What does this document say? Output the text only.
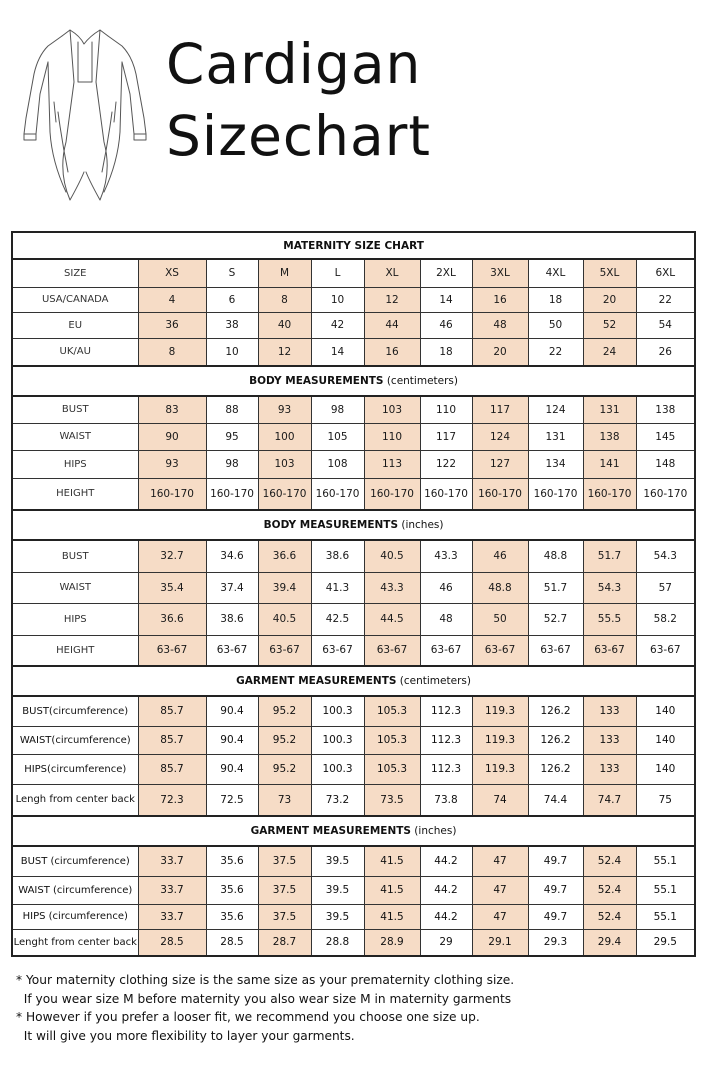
Cardigan
Sizechart
MATERNITY SIZE CHART										
SIZE	XS	S	M	L	XL	2XL	3XL	4XL	5XL	6XL
USA/CANADA	4	6	8	10	12	14	16	18	20	22
EU	36	38	40	42	44	46	48	50	52	54
UK/AU	8	10	12	14	16	18	20	22	24	26
BODY MEASUREMENTS (centimeters)										
BUST	83	88	93	98	103	110	117	124	131	138
WAIST	90	95	100	105	110	117	124	131	138	145
HIPS	93	98	103	108	113	122	127	134	141	148
HEIGHT	160-170	160-170	160-170	160-170	160-170	160-170	160-170	160-170	160-170	160-170
BODY MEASUREMENTS (inches)										
BUST	32.7	34.6	36.6	38.6	40.5	43.3	46	48.8	51.7	54.3
WAIST	35.4	37.4	39.4	41.3	43.3	46	48.8	51.7	54.3	57
HIPS	36.6	38.6	40.5	42.5	44.5	48	50	52.7	55.5	58.2
HEIGHT	63-67	63-67	63-67	63-67	63-67	63-67	63-67	63-67	63-67	63-67
GARMENT MEASUREMENTS (centimeters)										
BUST(circumference)	85.7	90.4	95.2	100.3	105.3	112.3	119.3	126.2	133	140
WAIST(circumference)	85.7	90.4	95.2	100.3	105.3	112.3	119.3	126.2	133	140
HIPS(circumference)	85.7	90.4	95.2	100.3	105.3	112.3	119.3	126.2	133	140
Lengh from center back	72.3	72.5	73	73.2	73.5	73.8	74	74.4	74.7	75
GARMENT MEASUREMENTS (inches)										
BUST (circumference)	33.7	35.6	37.5	39.5	41.5	44.2	47	49.7	52.4	55.1
WAIST (circumference)	33.7	35.6	37.5	39.5	41.5	44.2	47	49.7	52.4	55.1
HIPS (circumference)	33.7	35.6	37.5	39.5	41.5	44.2	47	49.7	52.4	55.1
Lenght from center back	28.5	28.5	28.7	28.8	28.9	29	29.1	29.3	29.4	29.5
* Your maternity clothing size is the same size as your prematernity clothing size.
If you wear size M before maternity you also wear size M in maternity garments
* However if you prefer a looser fit, we recommend you choose one size up.
It will give you more flexibility to layer your garments.
